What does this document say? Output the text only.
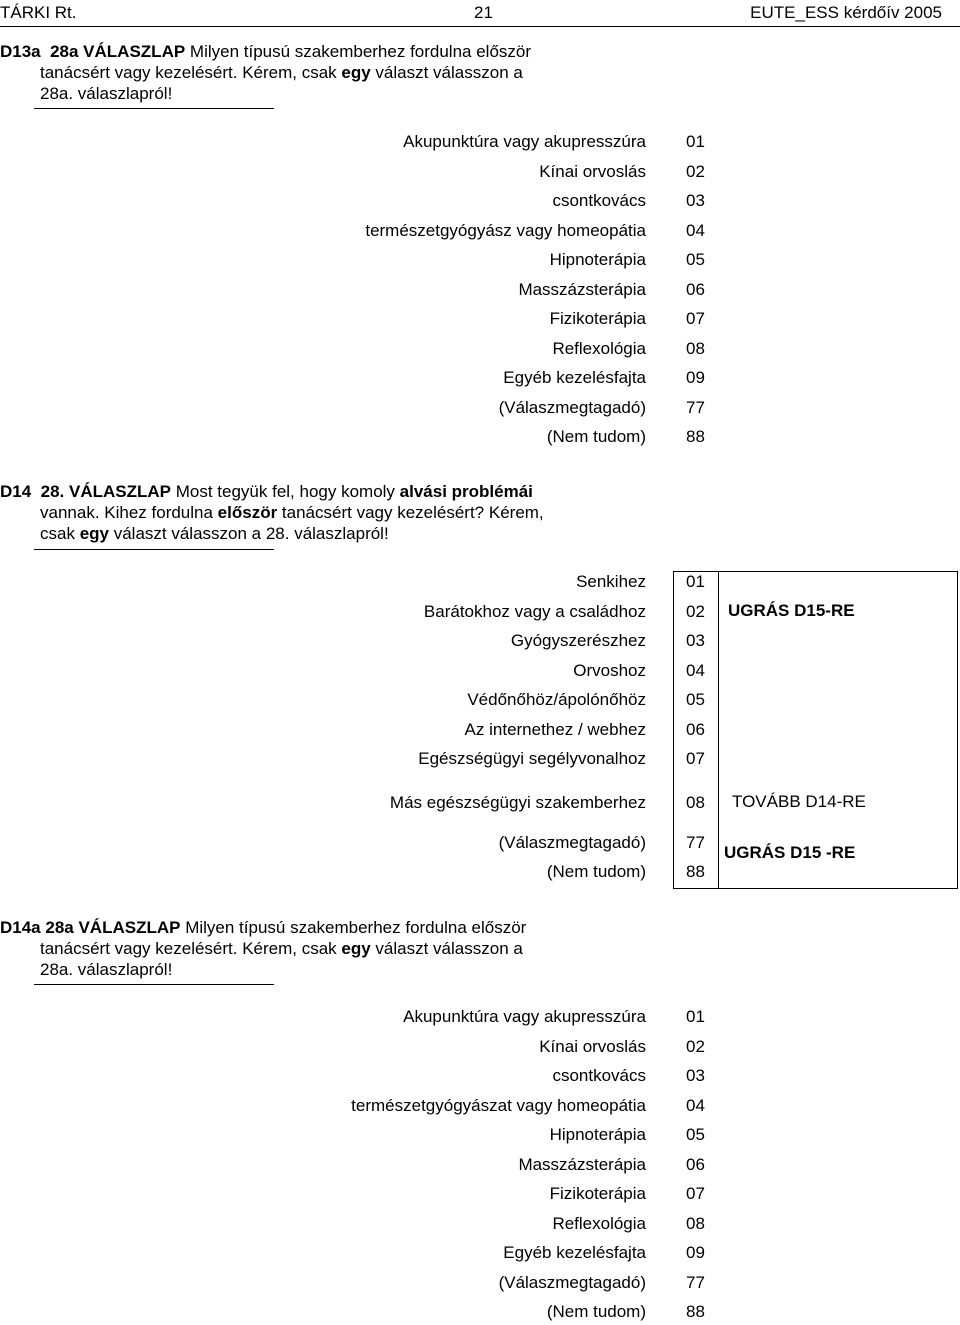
TÁRKI Rt.	21	EUTE_ESS kérdőív 2005
D13a 28a VÁLASZLAP Milyen típusú szakemberhez fordulna először
tanácsért vagy kezelésért. Kérem, csak egy választ válasszon a
28a. válaszlapról!
Akupunktúra vagy akupresszúra 01
Kínai orvoslás 02
csontkovács 03
természetgyógyász vagy homeopátia 04
Hipnoterápia 05
Masszázsterápia 06
Fizikoterápia 07
Reflexológia 08
Egyéb kezelésfajta 09
(Válaszmegtagadó) 77
(Nem tudom) 88
D14 28. VÁLASZLAP Most tegyük fel, hogy komoly alvási problémái
vannak. Kihez fordulna először tanácsért vagy kezelésért? Kérem,
csak egy választ válasszon a 28. válaszlapról!
UGRÁS D15-RE
TOVÁBB D14-RE
UGRÁS D15 -RE
Senkihez 01
Barátokhoz vagy a családhoz 02
Gyógyszerészhez 03
Orvoshoz 04
Védőnőhöz/ápolónőhöz 05
Az internethez / webhez 06
Egészségügyi segélyvonalhoz 07
Más egészségügyi szakemberhez 08
(Válaszmegtagadó) 77
(Nem tudom) 88
D14a 28a VÁLASZLAP Milyen típusú szakemberhez fordulna először
tanácsért vagy kezelésért. Kérem, csak egy választ válasszon a
28a. válaszlapról!
Akupunktúra vagy akupresszúra 01
Kínai orvoslás 02
csontkovács 03
természetgyógyászat vagy homeopátia 04
Hipnoterápia 05
Masszázsterápia 06
Fizikoterápia 07
Reflexológia 08
Egyéb kezelésfajta 09
(Válaszmegtagadó) 77
(Nem tudom) 88
